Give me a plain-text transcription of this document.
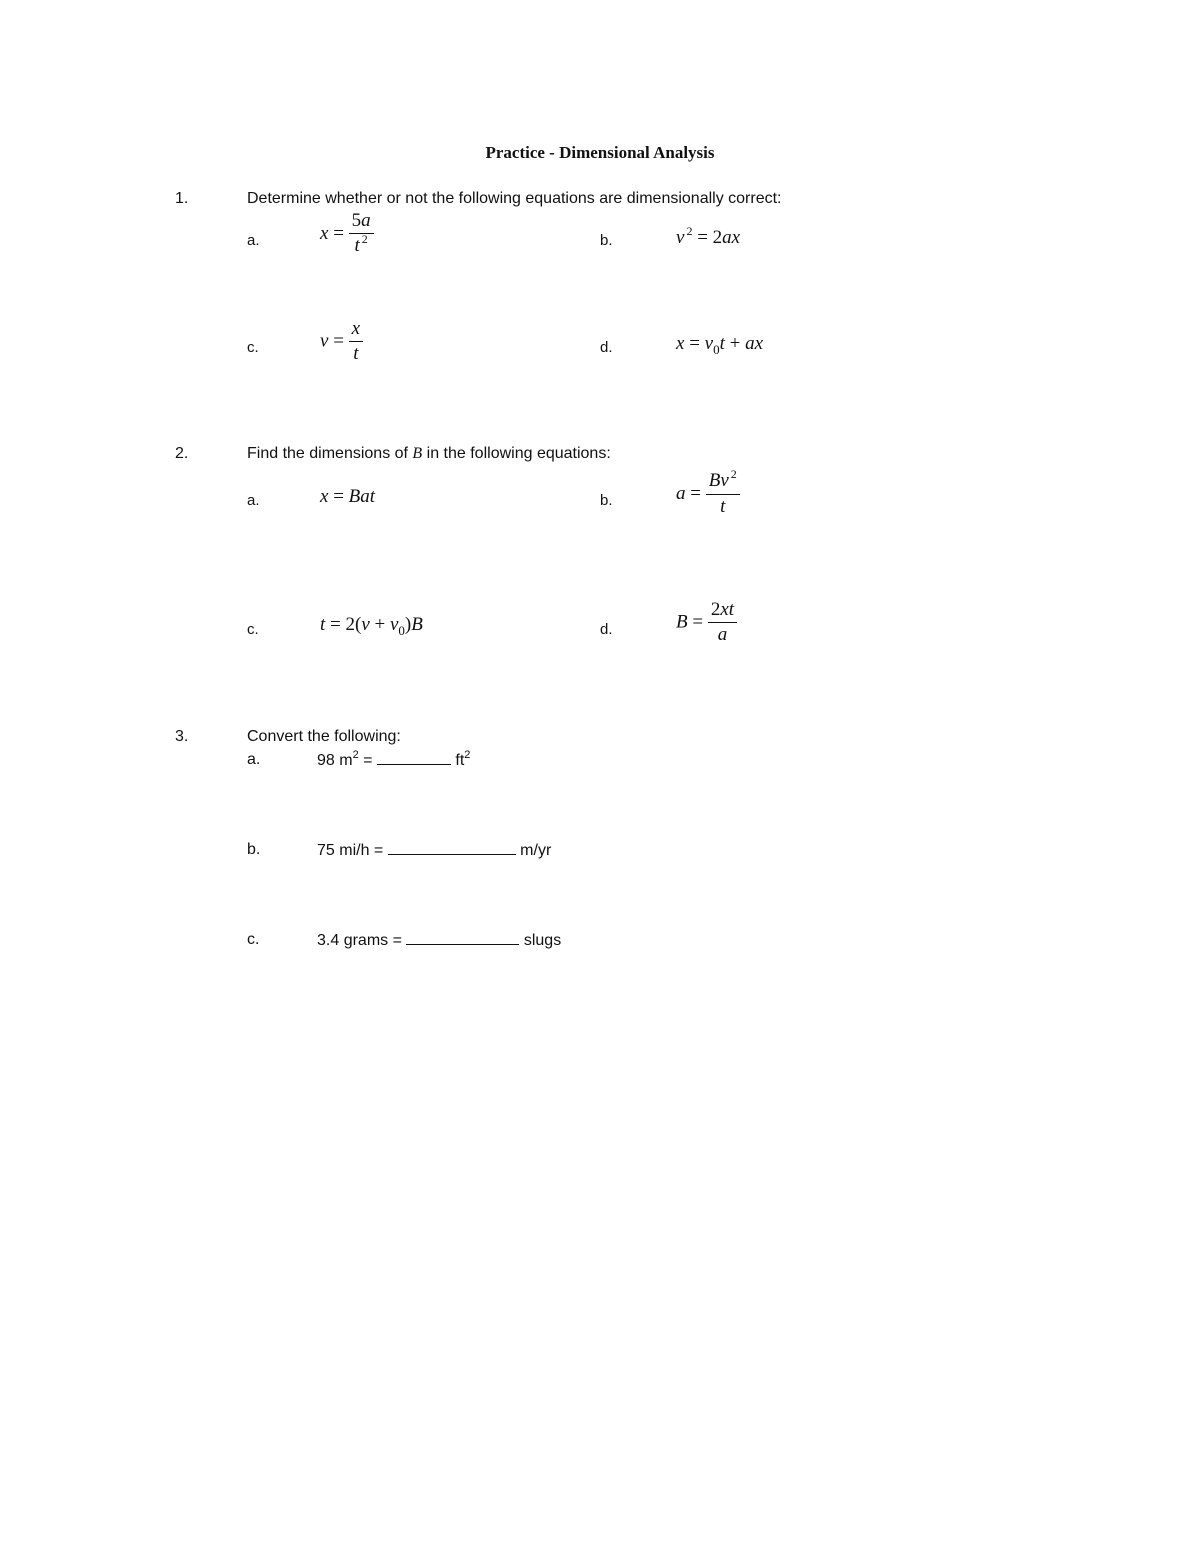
Practice - Dimensional Analysis
1.	Determine whether or not the following equations are dimensionally correct:
a.	$x = \frac{5a}{t ^2}$	b.	v $^2$ = 2ax
c.	$v = \frac{x}{t}$	d.	$x = v_0t$ + ax
2.	Find the dimensions of B in the following equations:
a.	x = Bat	b.	$a = \frac{Bv ^2}{t}$
c.	$t = 2(v + v_0)B$	d.	$B = \frac{2xt}{a}$
3.	Convert the following:
a.	98 $m^2$ =	$ft^2$
b.	75 mi/h =	m/yr
c.	3.4 grams =	slugs
